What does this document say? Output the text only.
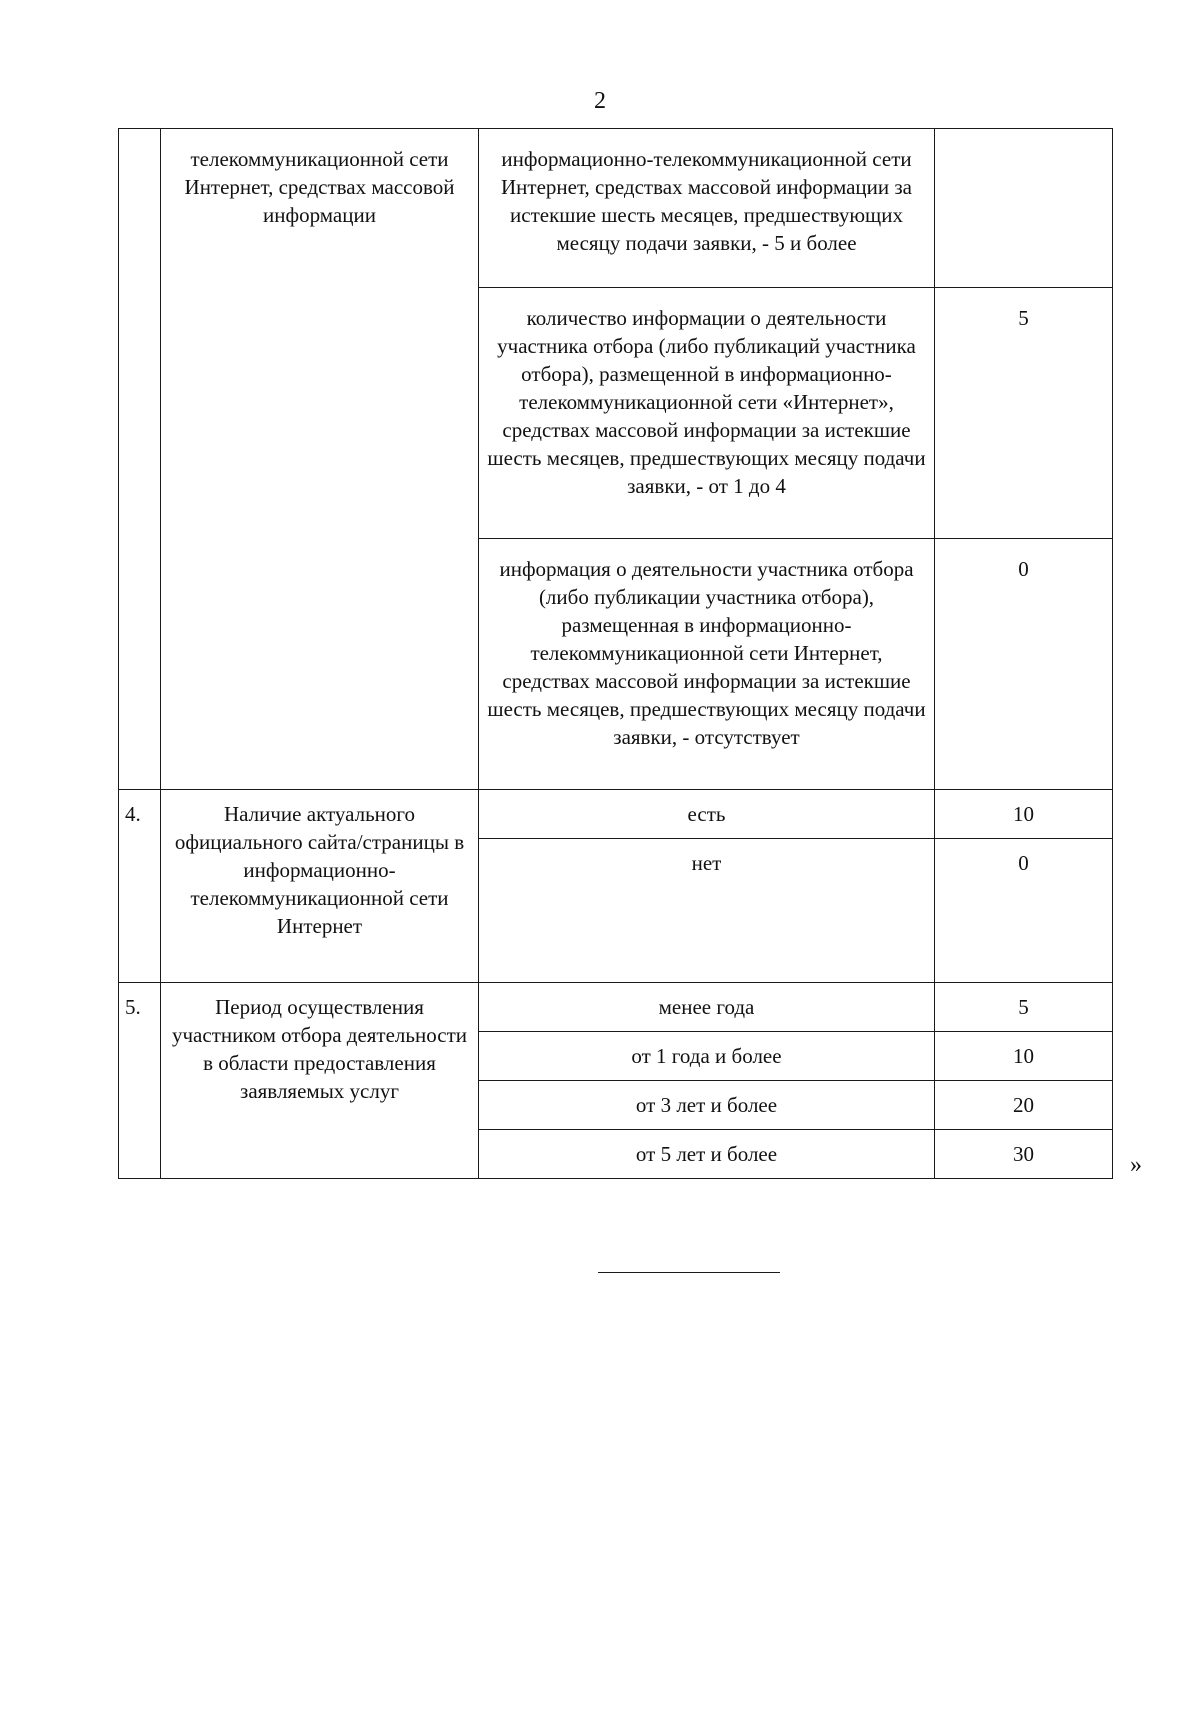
2
	телекоммуникационной сети Интернет, средствах массовой информации	информационно-телекоммуникационной сети Интернет, средствах массовой информации за истекшие шесть месяцев, предшествующих месяцу подачи заявки, - 5 и более	
		количество информации о деятельности участника отбора (либо публикаций участника отбора), размещенной в информационно-телекоммуникационной сети «Интернет», средствах массовой информации за истекшие шесть месяцев, предшествующих месяцу подачи заявки, - от 1 до 4	5
		информация о деятельности участника отбора (либо публикации участника отбора), размещенная в информационно-телекоммуникационной сети Интернет, средствах массовой информации за истекшие шесть месяцев, предшествующих месяцу подачи заявки, - отсутствует	0
4.	Наличие актуального официального сайта/страницы в информационно-телекоммуникационной сети Интернет	есть	10
		нет	0
5.	Период осуществления участником отбора деятельности в области предоставления заявляемых услуг	менее года	5
		от 1 года и более	10
		от 3 лет и более	20
		от 5 лет и более	30	»
